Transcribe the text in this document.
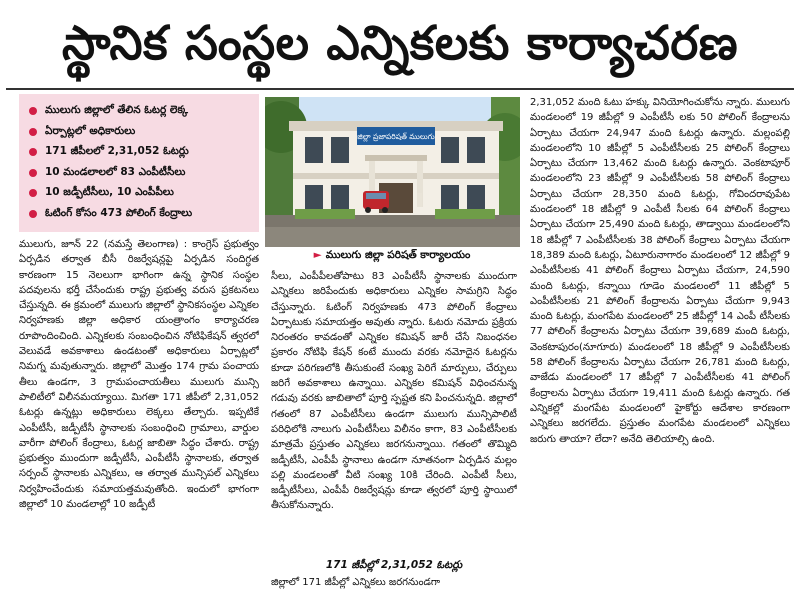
స్థానిక సంస్థల ఎన్నికలకు కార్యాచరణ
ములుగు జిల్లాలో తేలిన ఓటర్ల లెక్క
ఏర్పాట్లలో అధికారులు
171 జీపీలలో 2,31,052 ఓటర్లు
10 మండలాలలో 83 ఎంపీటీసీలు
10 జడ్పీటీసీలు, 10 ఎంపీపీలు
ఓటింగ్ కోసం 473 పోలింగ్ కేంద్రాలు
జిల్లా ప్రజాపరిషత్ ములుగు
► ములుగు జిల్లా పరిషత్ కార్యాలయం
ములుగు, జూన్ 22 (నమస్తే తెలంగాణ) : కాంగ్రెస్ ప్రభుత్వం ఏర్పడిన తర్వాత బీసీ రిజర్వేషన్లపై ఏర్పడిన సందిగ్ధత కారణంగా 15 నెలలుగా భాగింగా ఉన్న స్థానిక సంస్థల పదవులను భర్తీ చేసేందుకు రాష్ట్ర ప్రభుత్వ వరుస ప్రకటనలు చేస్తున్నది. ఈ క్రమంలో ములుగు జిల్లాలో స్థానికసంస్థల ఎన్నికల నిర్వహణకు జిల్లా అధికార యంత్రాంగం కార్యాచరణ రూపొందించింది. ఎన్నికలకు సంబంధించిన నోటిఫికేషన్ త్వరలో వెలువడే అవకాశాలు ఉండటంతో అధికారులు ఏర్పాట్లలో నిమగ్న మవుతున్నారు. జిల్లాలో మొత్తం 174 గ్రామ పంచాయ తీలు ఉండగా, 3 గ్రామపంచాయతీలు ములుగు మున్సి పాలిటీలో విలీనమయ్యాయి. మిగతా 171 జీపీలో 2,31,052 ఓటర్లు ఉన్నట్లు అధికారులు లెక్కలు తేల్చారు. ఇప్పటికే ఎంపీటీసీ, జడ్పీటీసీ స్థానాలకు సంబంధించి గ్రామాలు, వార్డుల వారీగా పోలింగ్ కేంద్రాలు, ఓటర్ల జాబితా సిద్ధం చేశారు. రాష్ట్ర ప్రభుత్వం ముందుగా జడ్పీటీసీ, ఎంపీటీసీ స్థానాలకు, తర్వాత సర్పంచ్ స్థానాలకు ఎన్నికలు, ఆ తర్వాత మున్సిపల్ ఎన్నికలు నిర్వహించేందుకు సమాయత్తమవుతోంది. ఇందులో భాగంగా జిల్లాలో 10 మండలాల్లో 10 జడ్పీటీ
సీలు, ఎంపీపీలతోపాటు 83 ఎంపీటీసీ స్థానాలకు ముందుగా ఎన్నికలు జరిపేందుకు అధికారులు ఎన్నికల సామగ్రిని సిద్ధం చేస్తున్నారు. ఓటింగ్ నిర్వహణకు 473 పోలింగ్ కేంద్రాలు ఏర్పాటుకు సమాయత్తం అవుతు న్నారు. ఓటరు నమోదు ప్రక్రియ నిరంతరం కావడంతో ఎన్నికల కమిషన్ జారీ చేసే నిబంధనల ప్రకారం నోటిఫి కేషన్ కంటే ముందు వరకు నమోదైన ఓటర్లను కూడా పరిగణలోకి తీసుకుంటే సంఖ్య పెరిగే మార్పులు, చేర్పులు జరిగే అవకాశాలు ఉన్నాయి. ఎన్నికల కమిషన్ విధించనున్న గడువు వరకు జాబితాలో పూర్తి స్పష్టత కని పించనున్నది. జిల్లాలో గతంలో 87 ఎంపీటీసీలు ఉండగా ములుగు మున్సిపాలిటీ పరిధిలోకి నాలుగు ఎంపీటీసీలు విలీనం కాగా, 83 ఎంపీటీసీలకు మాత్రమే ప్రస్తుతం ఎన్నికలు జరగనున్నాయి. గతంలో తొమ్మిది జడ్పీటీసీ, ఎంపీపీ స్థానాలు ఉండగా నూతనంగా ఏర్పడిన మల్లం పల్లి మండలంతో వీటి సంఖ్య 10కి చేరింది. ఎంపీటీ సీలు, జడ్పీటీసీలు, ఎంపీపీ రిజర్వేషన్లు కూడా త్వరలో పూర్తి స్థాయిలో తీసుకోనున్నారు.
171 జీపీల్లో 2,31,052 ఓటర్లు
జిల్లాలో 171 జీపీల్లో ఎన్నికలు జరగనుండగా
2,31,052 మంది ఓటు హక్కు వినియోగించుకోను న్నారు. ములుగు మండలంలో 19 జీపీల్లో 9 ఎంపీటీసీ లకు 50 పోలింగ్ కేంద్రాలను ఏర్పాటు చేయగా 24,947 మంది ఓటర్లు ఉన్నారు. మల్లంపల్లి మండలంలోని 10 జీపీల్లో 5 ఎంపీటీసీలకు 25 పోలింగ్ కేంద్రాలు ఏర్పాటు చేయగా 13,462 మంది ఓటర్లు ఉన్నారు. వెంకటాపూర్ మండలంలోని 23 జీపీల్లో 9 ఎంపీటీసీలకు 58 పోలింగ్ కేంద్రాలు ఏర్పాటు చేయగా 28,350 మంది ఓటర్లు, గోవిందరావుపేట మండలంలో 18 జీపీల్లో 9 ఎంపీటీ సీలకు 64 పోలింగ్ కేంద్రాలు ఏర్పాటు చేయగా 25,490 మంది ఓటర్లు, తాడ్వాయి మండలంలోని 18 జీపీల్లో 7 ఎంపీటీసీలకు 38 పోలింగ్ కేంద్రాలు ఏర్పాటు చేయగా 18,389 మంది ఓటర్లు, ఏటూరునాగారం మండలంలో 12 జీపీల్లో 9 ఎంపీటీసీలకు 41 పోలింగ్ కేంద్రాలు ఏర్పాటు చేయగా, 24,590 మంది ఓటర్లు, కన్నాయి గూడెం మండలంలో 11 జీపీల్లో 5 ఎంపీటీసీలకు 21 పోలింగ్ కేంద్రాలను ఏర్పాటు చేయగా 9,943 మంది ఓటర్లు, మంగపేట మండలంలో 25 జీపీల్లో 14 ఎంపీ టీసీలకు 77 పోలింగ్ కేంద్రాలను ఏర్పాటు చేయగా 39,689 మంది ఓటర్లు, వెంకటాపురం(నూగూరు) మండలంలో 18 జీపీల్లో 9 ఎంపీటీసీలకు 58 పోలింగ్ కేంద్రాలను ఏర్పాటు చేయగా 26,781 మంది ఓటర్లు, వాజేడు మండలంలో 17 జీపీల్లో 7 ఎంపీటీసీలకు 41 పోలింగ్ కేంద్రాలను ఏర్పాటు చేయగా 19,411 మంది ఓటర్లు ఉన్నారు. గత ఎన్నికల్లో మంగపేట మండలంలో హైకోర్టు ఆదేశాల కారణంగా ఎన్నికలు జరగలేదు. ప్రస్తుతం మంగపేట మండలంలో ఎన్నికలు జరుగు తాయా? లేదా? అనేది తెలియాల్సి ఉంది.
